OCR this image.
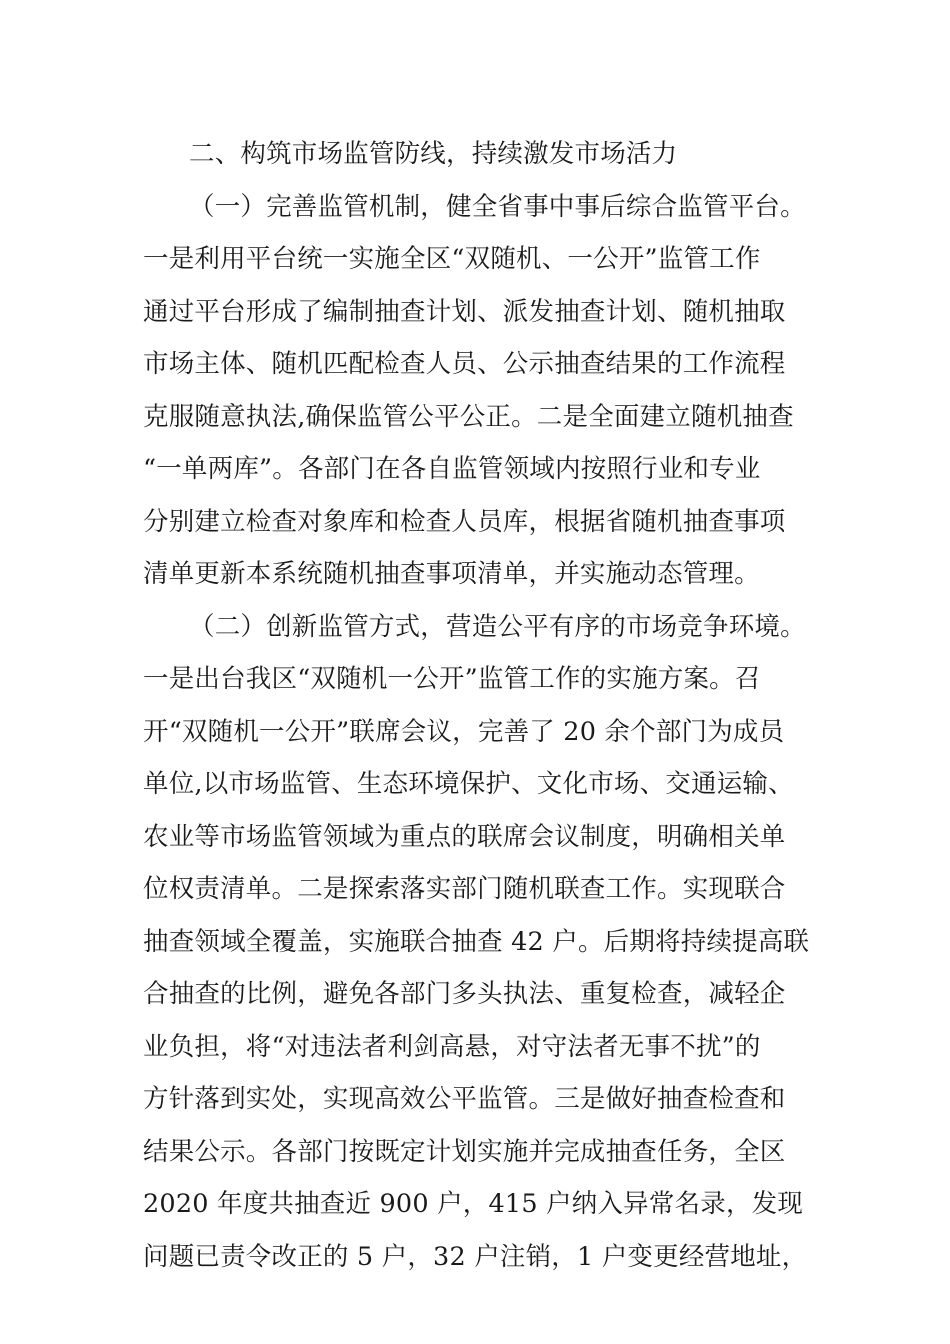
二、构筑市场监管防线，持续激发市场活力
（一）完善监管机制，健全省事中事后综合监管平台。
一是利用平台统一实施全区“双随机、一公开”监管工作
通过平台形成了编制抽查计划、派发抽查计划、随机抽取
市场主体、随机匹配检查人员、公示抽查结果的工作流程
克服随意执法,确保监管公平公正。二是全面建立随机抽查
“一单两库”。各部门在各自监管领域内按照行业和专业
分别建立检查对象库和检查人员库，根据省随机抽查事项
清单更新本系统随机抽查事项清单，并实施动态管理。
（二）创新监管方式，营造公平有序的市场竞争环境。
一是出台我区“双随机一公开”监管工作的实施方案。召
开“双随机一公开”联席会议，完善了 20 余个部门为成员
单位,以市场监管、生态环境保护、文化市场、交通运输、
农业等市场监管领域为重点的联席会议制度，明确相关单
位权责清单。二是探索落实部门随机联查工作。实现联合
抽查领域全覆盖，实施联合抽查 42 户。后期将持续提高联
合抽查的比例，避免各部门多头执法、重复检查，减轻企
业负担，将“对违法者利剑高悬，对守法者无事不扰”的
方针落到实处，实现高效公平监管。三是做好抽查检查和
结果公示。各部门按既定计划实施并完成抽查任务，全区
2020 年度共抽查近 900 户，415 户纳入异常名录，发现
问题已责令改正的 5 户，32 户注销，1 户变更经营地址，
